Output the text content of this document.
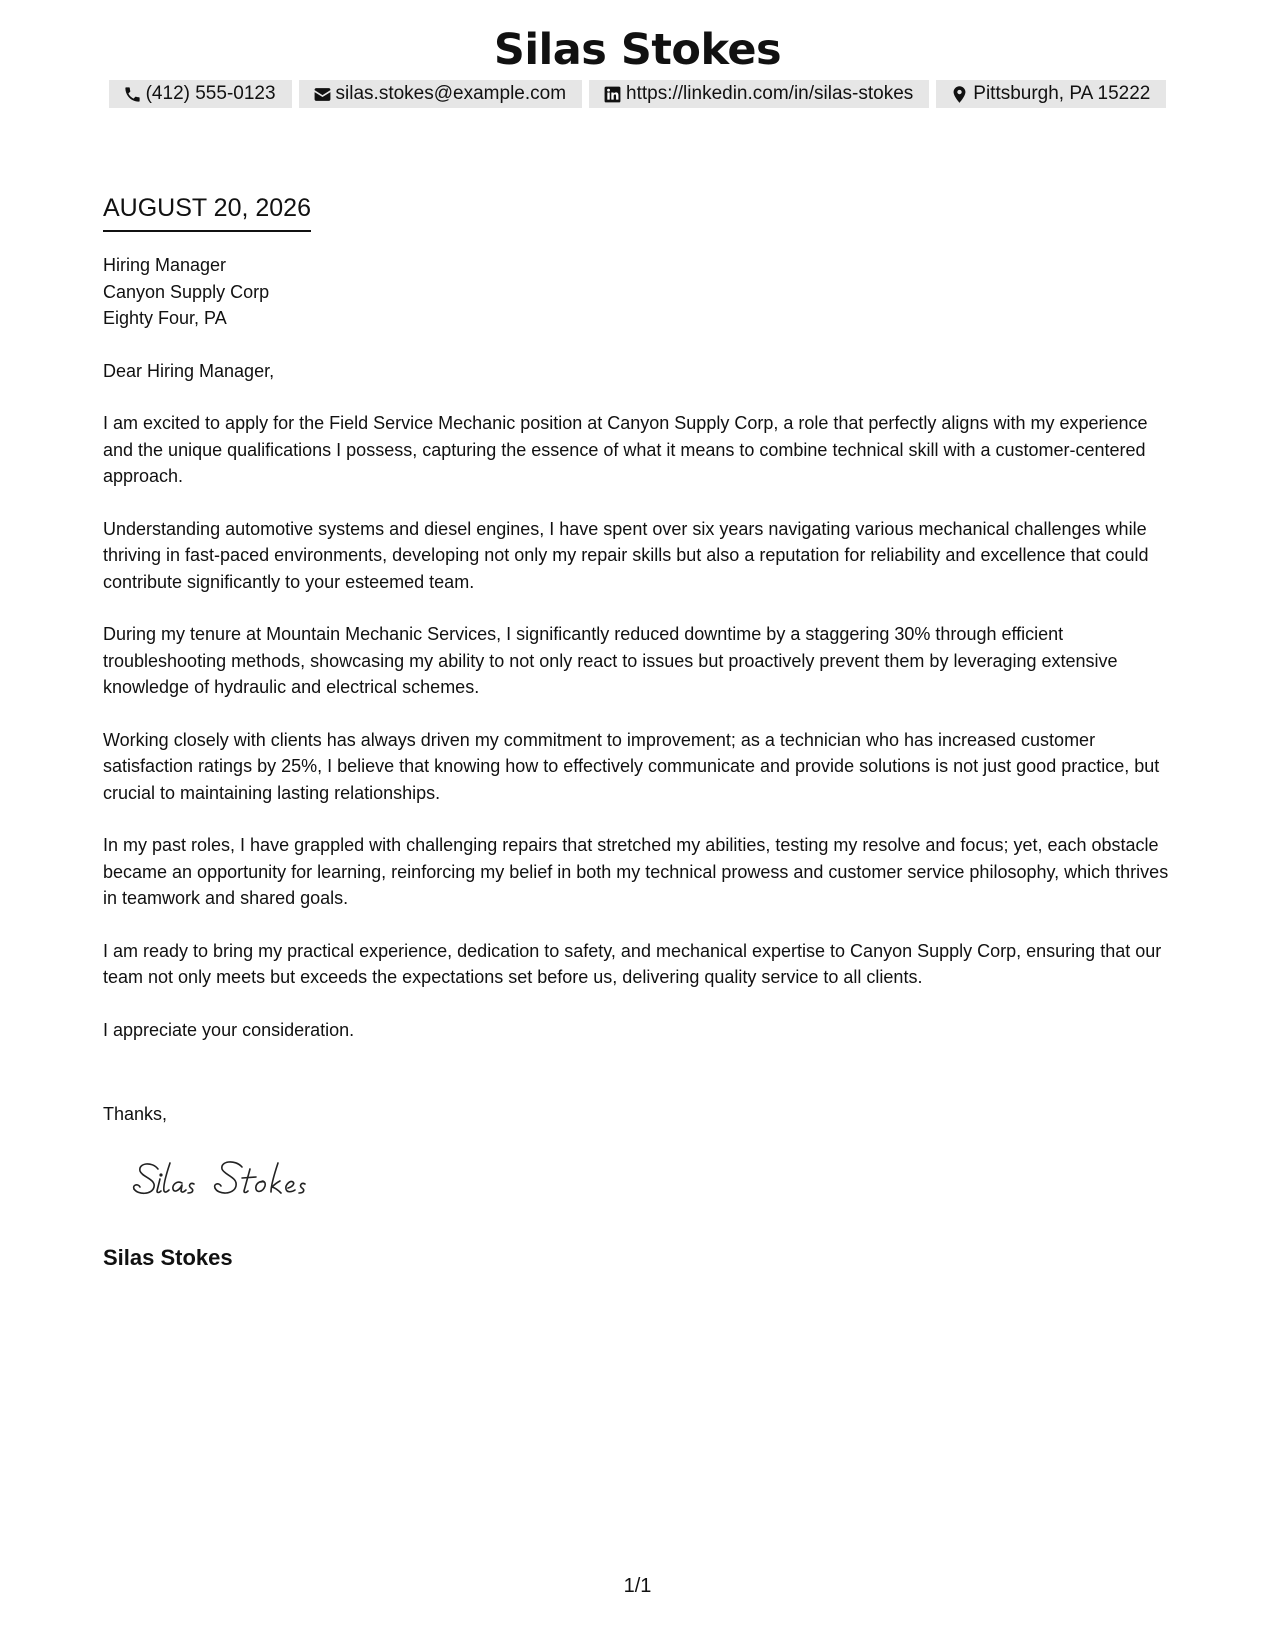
Silas Stokes
(412) 555-0123	silas.stokes@example.com	https://linkedin.com/in/silas-stokes	Pittsburgh, PA 15222
AUGUST 20, 2026
Hiring Manager
Canyon Supply Corp
Eighty Four, PA
Dear Hiring Manager,
I am excited to apply for the Field Service Mechanic position at Canyon Supply Corp, a role that perfectly aligns with my experience and the unique qualifications I possess, capturing the essence of what it means to combine technical skill with a customer-centered approach.
Understanding automotive systems and diesel engines, I have spent over six years navigating various mechanical challenges while thriving in fast-paced environments, developing not only my repair skills but also a reputation for reliability and excellence that could contribute significantly to your esteemed team.
During my tenure at Mountain Mechanic Services, I significantly reduced downtime by a staggering 30% through efficient troubleshooting methods, showcasing my ability to not only react to issues but proactively prevent them by leveraging extensive knowledge of hydraulic and electrical schemes.
Working closely with clients has always driven my commitment to improvement; as a technician who has increased customer satisfaction ratings by 25%, I believe that knowing how to effectively communicate and provide solutions is not just good practice, but crucial to maintaining lasting relationships.
In my past roles, I have grappled with challenging repairs that stretched my abilities, testing my resolve and focus; yet, each obstacle became an opportunity for learning, reinforcing my belief in both my technical prowess and customer service philosophy, which thrives in teamwork and shared goals.
I am ready to bring my practical experience, dedication to safety, and mechanical expertise to Canyon Supply Corp, ensuring that our team not only meets but exceeds the expectations set before us, delivering quality service to all clients.
I appreciate your consideration.
Thanks,
Silas Stokes
1/1
